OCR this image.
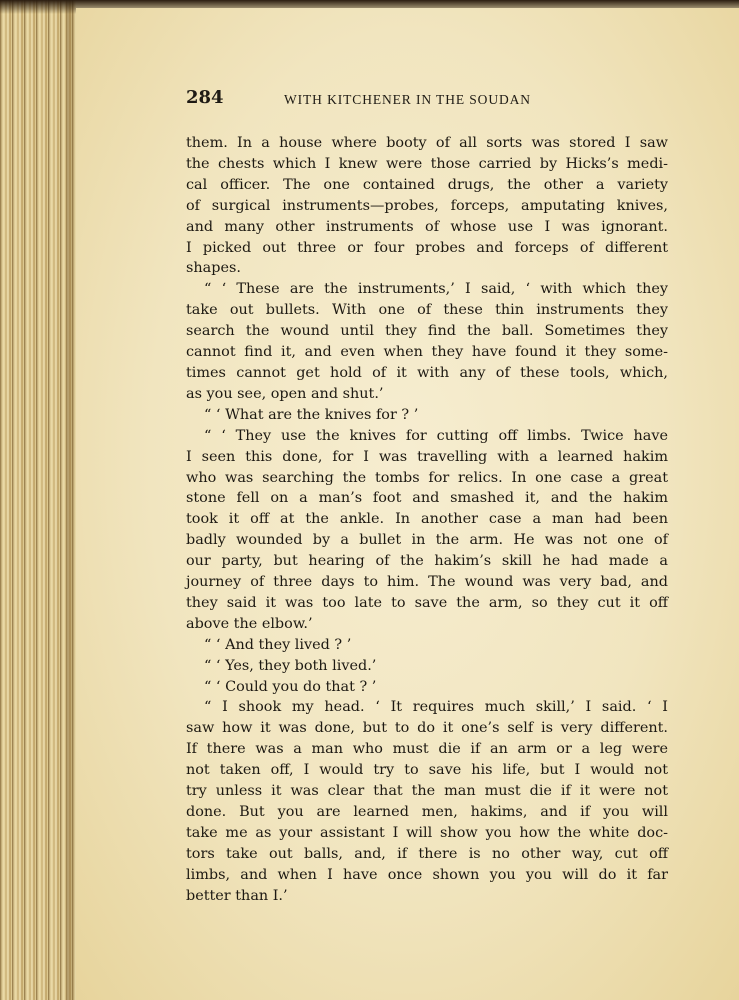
284	WITH KITCHENER IN THE SOUDAN
them. In a house where booty of all sorts was stored I saw
the chests which I knew were those carried by Hicks’s medi-
cal officer. The one contained drugs, the other a variety
of surgical instruments—probes, forceps, amputating knives,
and many other instruments of whose use I was ignorant.
I picked out three or four probes and forceps of different
shapes.
“ ‘ These are the instruments,’ I said, ‘ with which they
take out bullets. With one of these thin instruments they
search the wound until they find the ball. Sometimes they
cannot find it, and even when they have found it they some-
times cannot get hold of it with any of these tools, which,
as you see, open and shut.’
“ ‘ What are the knives for ? ’
“ ‘ They use the knives for cutting off limbs. Twice have
I seen this done, for I was travelling with a learned hakim
who was searching the tombs for relics. In one case a great
stone fell on a man’s foot and smashed it, and the hakim
took it off at the ankle. In another case a man had been
badly wounded by a bullet in the arm. He was not one of
our party, but hearing of the hakim’s skill he had made a
journey of three days to him. The wound was very bad, and
they said it was too late to save the arm, so they cut it off
above the elbow.’
“ ‘ And they lived ? ’
“ ‘ Yes, they both lived.’
“ ‘ Could you do that ? ’
“ I shook my head. ‘ It requires much skill,’ I said. ‘ I
saw how it was done, but to do it one’s self is very different.
If there was a man who must die if an arm or a leg were
not taken off, I would try to save his life, but I would not
try unless it was clear that the man must die if it were not
done. But you are learned men, hakims, and if you will
take me as your assistant I will show you how the white doc-
tors take out balls, and, if there is no other way, cut off
limbs, and when I have once shown you you will do it far
better than I.’
